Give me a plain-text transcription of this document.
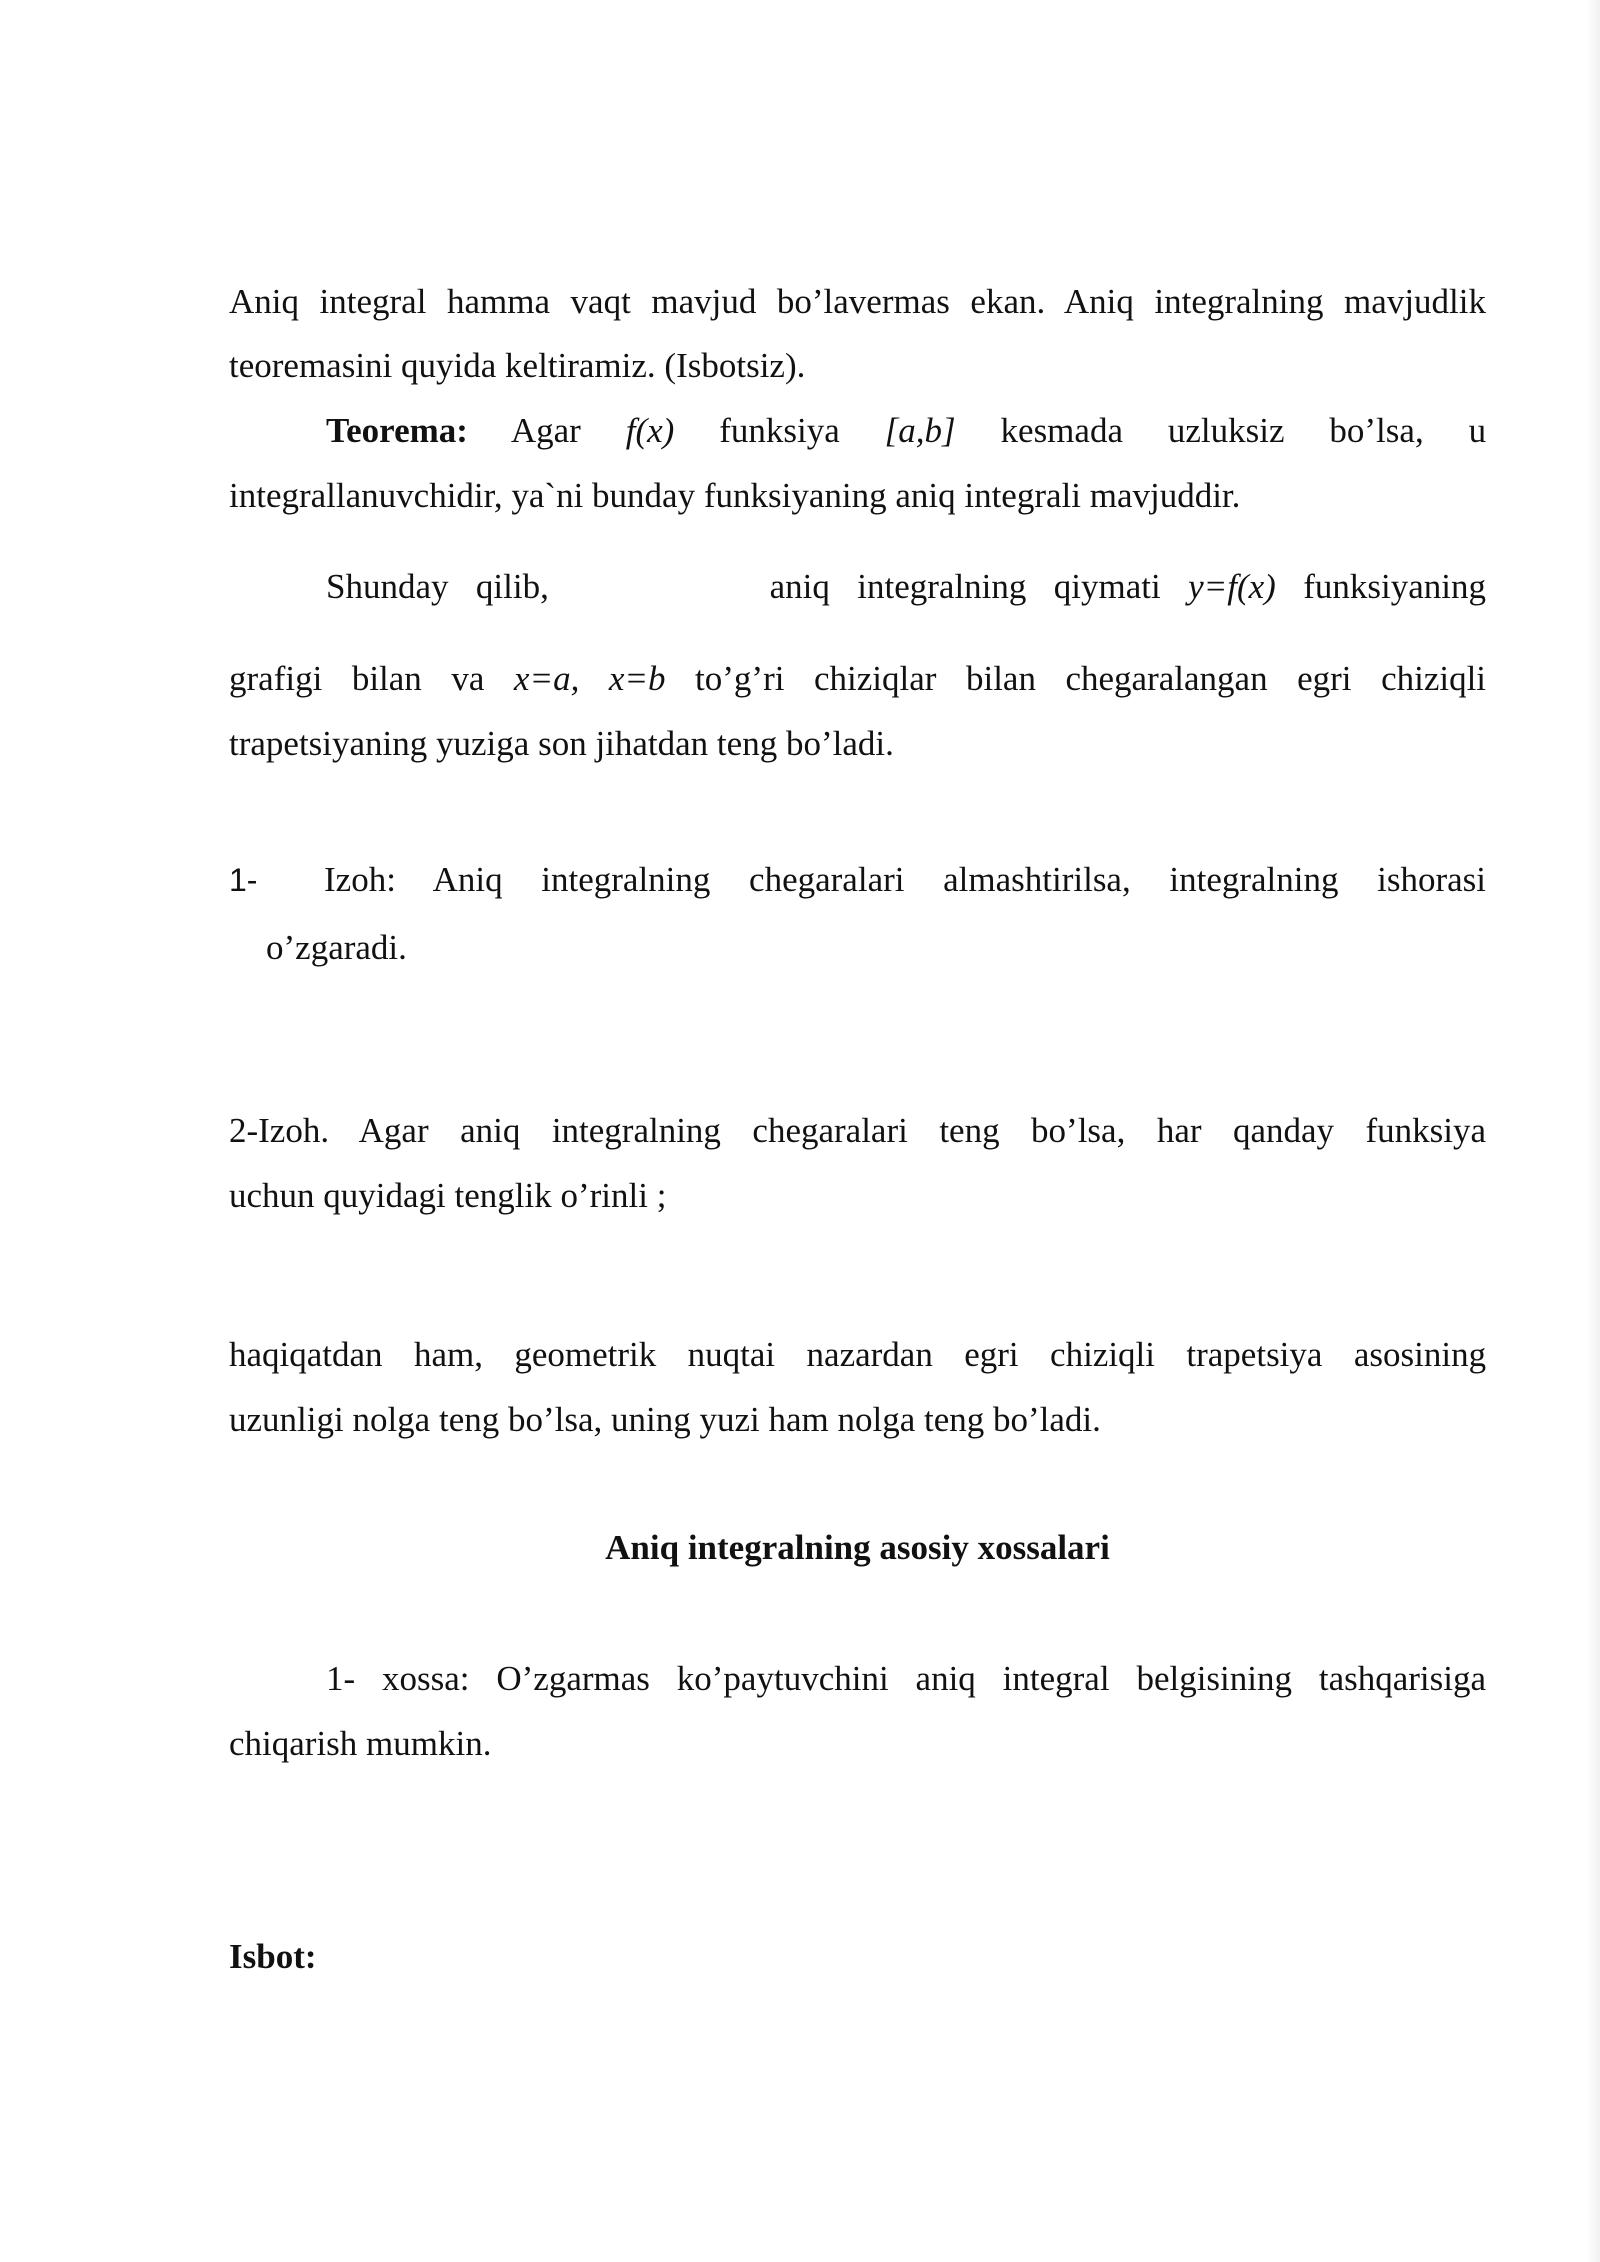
Aniq integral hamma vaqt mavjud bo’lavermas ekan. Aniq integralning mavjudlik
teoremasini quyida keltiramiz. (Isbotsiz).
Teorema: Agar f(x) funksiya [a,b] kesmada uzluksiz bo’lsa, u
integrallanuvchidir, ya`ni bunday funksiyaning aniq integrali mavjuddir.
Shunday qilib,	aniq integralning qiymati y=f(x) funksiyaning
grafigi bilan va x=a, x=b to’g’ri chiziqlar bilan chegaralangan egri chiziqli
trapetsiyaning yuziga son jihatdan teng bo’ladi.
1- Izoh: Aniq integralning chegaralari almashtirilsa, integralning ishorasi
o’zgaradi.
2-Izoh. Agar aniq integralning chegaralari teng bo’lsa, har qanday funksiya
uchun quyidagi tenglik o’rinli ;
haqiqatdan ham, geometrik nuqtai nazardan egri chiziqli trapetsiya asosining
uzunligi nolga teng bo’lsa, uning yuzi ham nolga teng bo’ladi.
Aniq integralning asosiy xossalari
1- xossa: O’zgarmas ko’paytuvchini aniq integral belgisining tashqarisiga
chiqarish mumkin.
Isbot:
